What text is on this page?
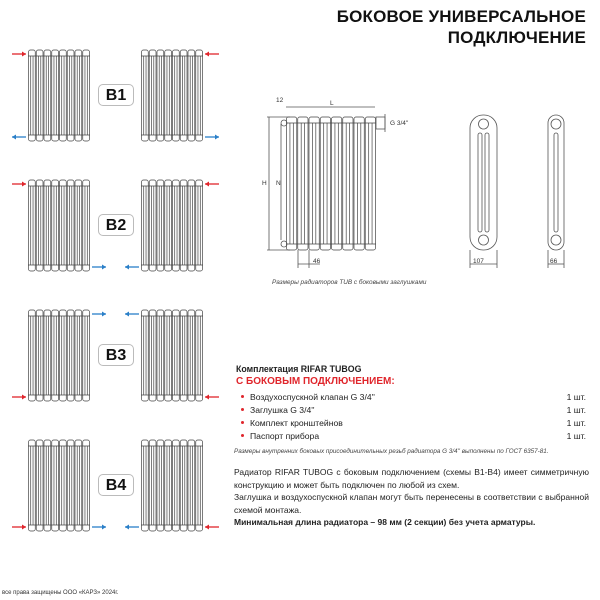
БОКОВОЕ УНИВЕРСАЛЬНОЕ
ПОДКЛЮЧЕНИЕ
B1
B2
B3
B4
12	L
H N
46
G 3/4''
107	66
Размеры радиаторов TUB с боковыми заглушками
Комплектация RIFAR TUBOG
С БОКОВЫМ ПОДКЛЮЧЕНИЕМ:
Воздухоспускной клапан G 3/4''	1 шт.
Заглушка G 3/4''	1 шт.
Комплект кронштейнов	1 шт.
Паспорт прибора	1 шт.
Размеры внутренних боковых присоединительных резьб радиатора G 3/4'' выполнены по ГОСТ 6357-81.
Радиатор RIFAR TUBOG с боковым подключением (схемы B1-B4) имеет симметричную конструкцию и может быть подключен по любой из схем.
Заглушка и воздухоспускной клапан могут быть перенесены в соответствии с выбранной схемой монтажа.
Минимальная длина радиатора – 98 мм (2 секции) без учета арматуры.
все права защищены ООО «КАРЗ» 2024г.
